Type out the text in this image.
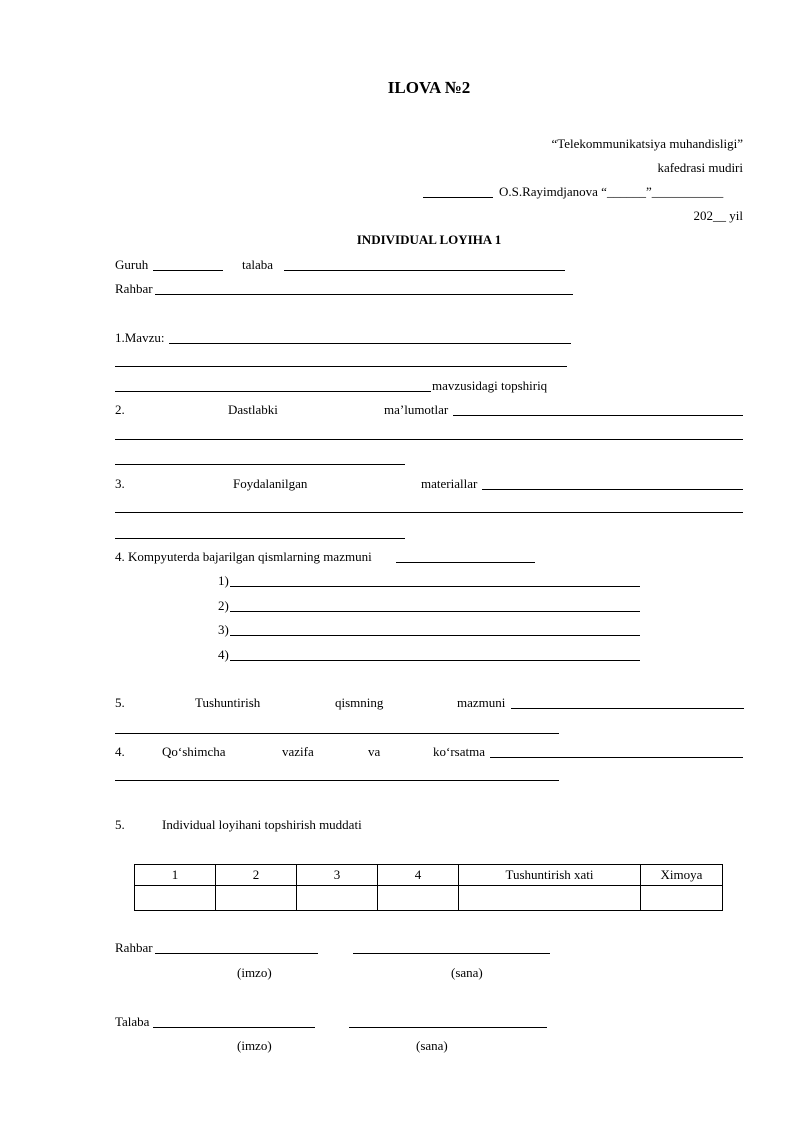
ILOVA №2
“Telekommunikatsiya muhandisligi”
kafedrasi mudiri
O.S.Rayimdjanova “______”___________
202__ yil
INDIVIDUAL LOYIHA 1
Guruh	talaba
Rahbar
1.Mavzu:
mavzusidagi topshiriq
2.	Dastlabki	ma’lumotlar
3.	Foydalanilgan	materiallar
4. Kompyuterda bajarilgan qismlarning mazmuni
1)
2)
3)
4)
5.	Tushuntirish	qismning	mazmuni
4.	Qo‘shimcha	vazifa	va	ko‘rsatma
5.	Individual loyihani topshirish muddati
1	2	3	4	Tushuntirish xati	Ximoya

Rahbar
(imzo)	(sana)
Talaba
(imzo)	(sana)
